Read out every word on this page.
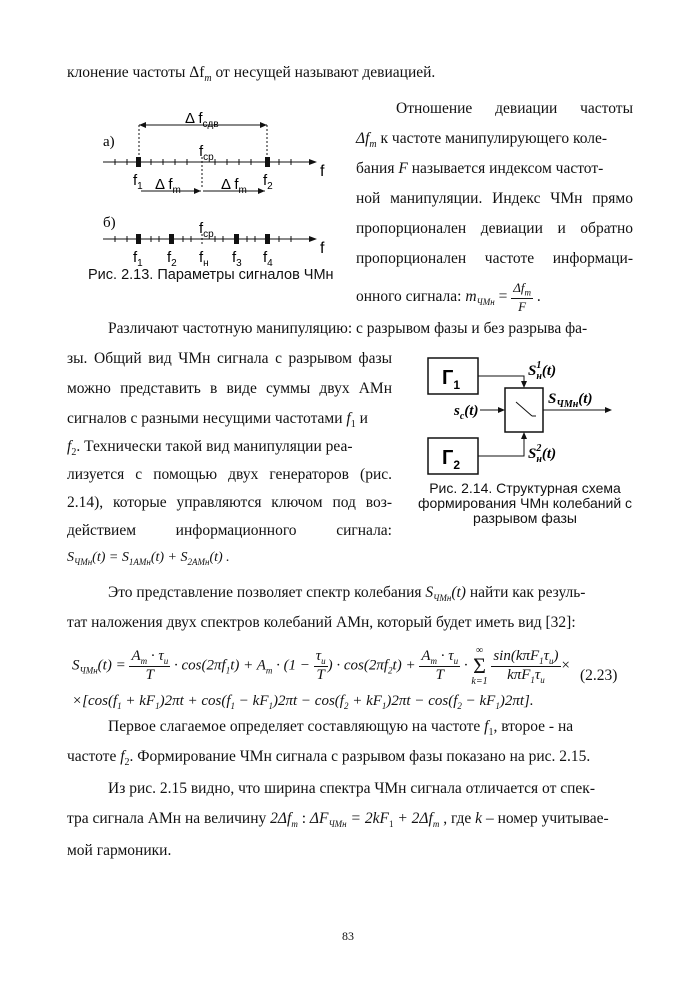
клонение частоты $\Delta f_m$ от несущей называют девиацией.
а)
б)
Δ $f_{сдв}$
$f_{ср}$
$f_1$	$f_2$
f
Δ $f_m$	Δ $f_m$
$f_{ср}$
$f_1$ $f_2$ $f_н$ $f_3$ $f_4$
f
Рис. 2.13. Параметры сигналов ЧМн
Отношение девиации частоты
$\Delta f_m$ к частоте манипулирующего коле-
бания F называется индексом частот-
ной манипуляции. Индекс ЧМн прямо
пропорционален девиации и обратно
пропорционален частоте информаци-
онного сигнала: $m_{ЧМн} = \frac{\Delta f_m}{F}$ .
Различают частотную манипуляцию: с разрывом фазы и без разрыва фа-
зы. Общий вид ЧМн сигнала с разрывом фазы
можно представить в виде суммы двух АМн
сигналов с разными несущими частотами $f_1$ и
$f_2$. Технически такой вид манипуляции реа-
лизуется с помощью двух генераторов (рис.
2.14), которые управляются ключом под воз-
действием информационного сигнала:
$S_{ЧМн}(t) = S_{1АМн}(t) + S_{2АМн}(t)$ .
$Г_1$
$Г_2$
$S^1$ н(t)
$S^2$ н(t)
$s_c(t)$
$S_{ЧМн}(t)$
Рис. 2.14. Структурная схема
формирования ЧМн колебаний с
разрывом фазы
Это представление позволяет спектр колебания $S_{ЧМн}(t)$ найти как резуль-
тат наложения двух спектров колебаний АМн, который будет иметь вид [32]:
$S_{ЧМн}(t) = \frac{A_m \cdot \tau_и}{T} \cdot \cos(2\pi f_1t) + A_m \cdot (1 - \frac{\tau_и}{T}$ ) · $\cos(2\pi f_2t) + \frac{A_m \cdot \tau_и}{T}$ ·
∞
Σ
k=1
$\frac{\sin(k\pi F_1\tau_и)}{k\pi F_1\tau_и}$ ×
(2.23)
$\times[\cos(f_1 + kF_1)2\pi t + \cos(f_1 - kF_1)2\pi t - \cos(f_2 + kF_1)2\pi t - \cos(f_2 - kF_1)2\pi t]$.
Первое слагаемое определяет составляющую на частоте $f_1$, второе - на
частоте $f_2$. Формирование ЧМн сигнала с разрывом фазы показано на рис. 2.15.
Из рис. 2.15 видно, что ширина спектра ЧМн сигнала отличается от спек-
тра сигнала АМн на величину $2\Delta f_m$ : $\Delta F_{ЧМн} = 2kF_1 + 2\Delta f_m$ , где k – номер учитывае-
мой гармоники.
83
